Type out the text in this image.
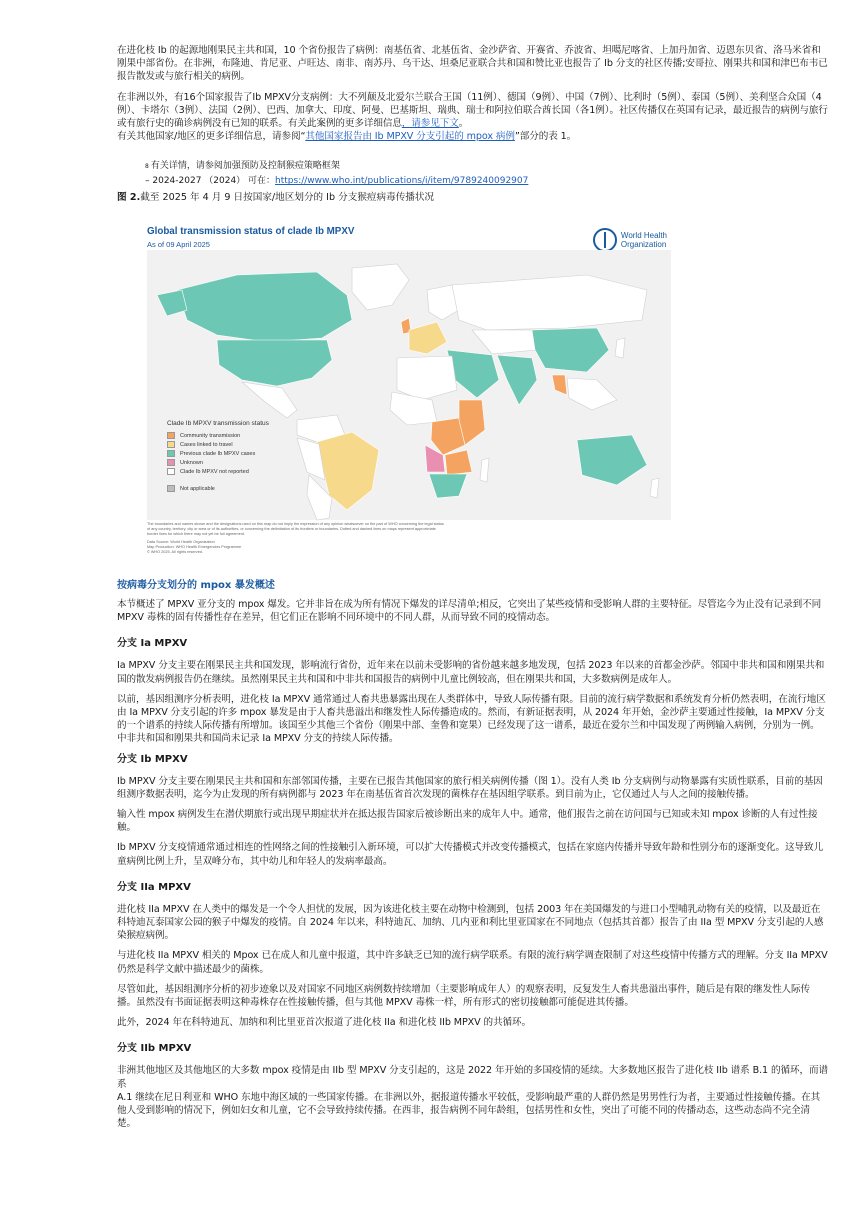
在进化枝 Ib 的起源地刚果民主共和国，10 个省份报告了病例：南基伍省、北基伍省、金沙萨省、开赛省、乔波省、坦噶尼喀省、上加丹加省、迈恩东贝省、洛马米省和刚果中部省份。在非洲，布隆迪、肯尼亚、卢旺达、南非、南苏丹、乌干达、坦桑尼亚联合共和国和赞比亚也报告了 Ib 分支的社区传播;安哥拉、刚果共和国和津巴布韦已报告散发或与旅行相关的病例。

在非洲以外，有16个国家报告了Ib MPXV分支病例：大不列颠及北爱尔兰联合王国（11例）、德国（9例）、中国（7例）、比利时（5例）、泰国（5例）、美利坚合众国（4例）、卡塔尔（3例）、法国（2例）、巴西、加拿大、印度、阿曼、巴基斯坦、瑞典、瑞士和阿拉伯联合酋长国（各1例）。社区传播仅在英国有记录，最近报告的病例与旅行或有旅行史的确诊病例没有已知的联系。有关此案例的更多详细信息，请参见下文。
有关其他国家/地区的更多详细信息，请参阅“其他国家报告由 Ib MPXV 分支引起的 mpox 病例”部分的表 1。

8 有关详情，请参阅加强预防及控制猴痘策略框架
– 2024-2027 （2024） 可在：https://www.who.int/publications/i/item/9789240092907
图 2.截至 2025 年 4 月 9 日按国家/地区划分的 Ib 分支猴痘病毒传播状况
Global transmission status of clade Ib MPXV
As of 09 April 2025
World Health
Organization
Clade Ib MPXV transmission status
Community transmission
Cases linked to travel
Previous clade Ib MPXV cases
Unknown
Clade Ib MPXV not reported
Not applicable
The boundaries and names shown and the designations used on this map do not imply the expression of any opinion whatsoever on the part of WHO concerning the legal status of any country, territory, city or area or of its authorities, or concerning the delimitation of its frontiers or boundaries. Dotted and dashed lines on maps represent approximate border lines for which there may not yet be full agreement.
Data Source: World Health Organization
Map Production: WHO Health Emergencies Programme
© WHO 2025. All rights reserved.
按病毒分支划分的 mpox 暴发概述

本节概述了 MPXV 亚分支的 mpox 爆发。它并非旨在成为所有情况下爆发的详尽清单;相反，它突出了某些疫情和受影响人群的主要特征。尽管迄今为止没有记录到不同 MPXV 毒株的固有传播性存在差异，但它们正在影响不同环境中的不同人群，从而导致不同的疫情动态。

分支 Ia MPXV

Ia MPXV 分支主要在刚果民主共和国发现，影响流行省份，近年来在以前未受影响的省份越来越多地发现，包括 2023 年以来的首都金沙萨。邻国中非共和国和刚果共和国的散发病例报告仍在继续。虽然刚果民主共和国和中非共和国报告的病例中儿童比例较高，但在刚果共和国，大多数病例是成年人。

以前，基因组测序分析表明，进化枝 Ia MPXV 通常通过人畜共患暴露出现在人类群体中，导致人际传播有限。目前的流行病学数据和系统发育分析仍然表明，在流行地区由 Ia MPXV 分支引起的许多 mpox 暴发是由于人畜共患溢出和继发性人际传播造成的。然而，有新证据表明，从 2024 年开始，金沙萨主要通过性接触，Ia MPXV 分支的一个谱系的持续人际传播有所增加。该国至少其他三个省份（刚果中部、奎鲁和宽果）已经发现了这一谱系，最近在爱尔兰和中国发现了两例输入病例，分别为一例。中非共和国和刚果共和国尚未记录 Ia MPXV 分支的持续人际传播。

分支 Ib MPXV

Ib MPXV 分支主要在刚果民主共和国和东部邻国传播，主要在已报告其他国家的旅行相关病例传播（图 1）。没有人类 Ib 分支病例与动物暴露有实质性联系，目前的基因组测序数据表明，迄今为止发现的所有病例都与 2023 年在南基伍省首次发现的菌株存在基因组学联系。到目前为止，它仅通过人与人之间的接触传播。

输入性 mpox 病例发生在潜伏期旅行或出现早期症状并在抵达报告国家后被诊断出来的成年人中。通常，他们报告之前在访问国与已知或未知 mpox 诊断的人有过性接触。

Ib MPXV 分支疫情通常通过相连的性网络之间的性接触引入新环境，可以扩大传播模式并改变传播模式，包括在家庭内传播并导致年龄和性别分布的逐渐变化。这导致儿童病例比例上升，呈双峰分布，其中幼儿和年轻人的发病率最高。

分支 IIa MPXV

进化枝 IIa MPXV 在人类中的爆发是一个令人担忧的发展，因为该进化枝主要在动物中检测到，包括 2003 年在美国爆发的与进口小型哺乳动物有关的疫情，以及最近在科特迪瓦泰国家公园的猴子中爆发的疫情。自 2024 年以来，科特迪瓦、加纳、几内亚和利比里亚国家在不同地点（包括其首都）报告了由 IIa 型 MPXV 分支引起的人感染猴痘病例。

与进化枝 IIa MPXV 相关的 Mpox 已在成人和儿童中报道，其中许多缺乏已知的流行病学联系。有限的流行病学调查限制了对这些疫情中传播方式的理解。分支 IIa MPXV 仍然是科学文献中描述最少的菌株。

尽管如此，基因组测序分析的初步迹象以及对国家不同地区病例数持续增加（主要影响成年人）的观察表明，反复发生人畜共患溢出事件，随后是有限的继发性人际传播。虽然没有书面证据表明这种毒株存在性接触传播，但与其他 MPXV 毒株一样，所有形式的密切接触都可能促进其传播。

此外，2024 年在科特迪瓦、加纳和利比里亚首次报道了进化枝 IIa 和进化枝 IIb MPXV 的共循环。

分支 IIb MPXV

非洲其他地区及其他地区的大多数 mpox 疫情是由 IIb 型 MPXV 分支引起的，这是 2022 年开始的多国疫情的延续。大多数地区报告了进化枝 IIb 谱系 B.1 的循环，而谱系

A.1 继续在尼日利亚和 WHO 东地中海区域的一些国家传播。在非洲以外，据报道传播水平较低，受影响最严重的人群仍然是男男性行为者，主要通过性接触传播。在其他人受到影响的情况下，例如妇女和儿童，它不会导致持续传播。在西非，报告病例不同年龄组，包括男性和女性，突出了可能不同的传播动态，这些动态尚不完全清楚。
